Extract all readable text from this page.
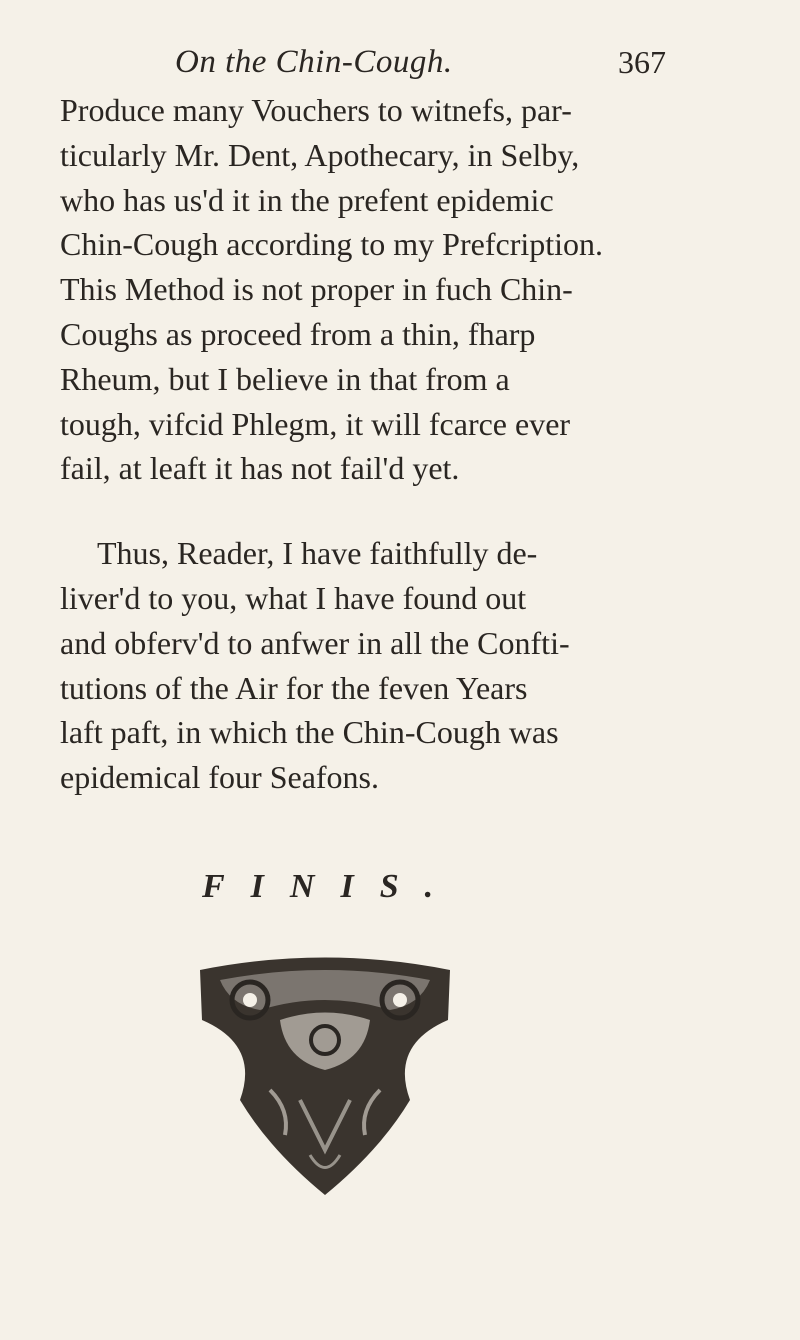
On the Chin-Cough.	367
Produce many Vouchers to witnefs, par-
ticularly Mr. Dent, Apothecary, in Selby,
who has us'd it in the prefent epidemic
Chin-Cough according to my Prefcription.
This Method is not proper in fuch Chin-
Coughs as proceed from a thin, fharp
Rheum, but I believe in that from a
tough, vifcid Phlegm, it will fcarce ever
fail, at leaft it has not fail'd yet.
Thus, Reader, I have faithfully de-
liver'd to you, what I have found out
and obferv'd to anfwer in all the Confti-
tutions of the Air for the feven Years
laft paft, in which the Chin-Cough was
epidemical four Seafons.
FINIS.
